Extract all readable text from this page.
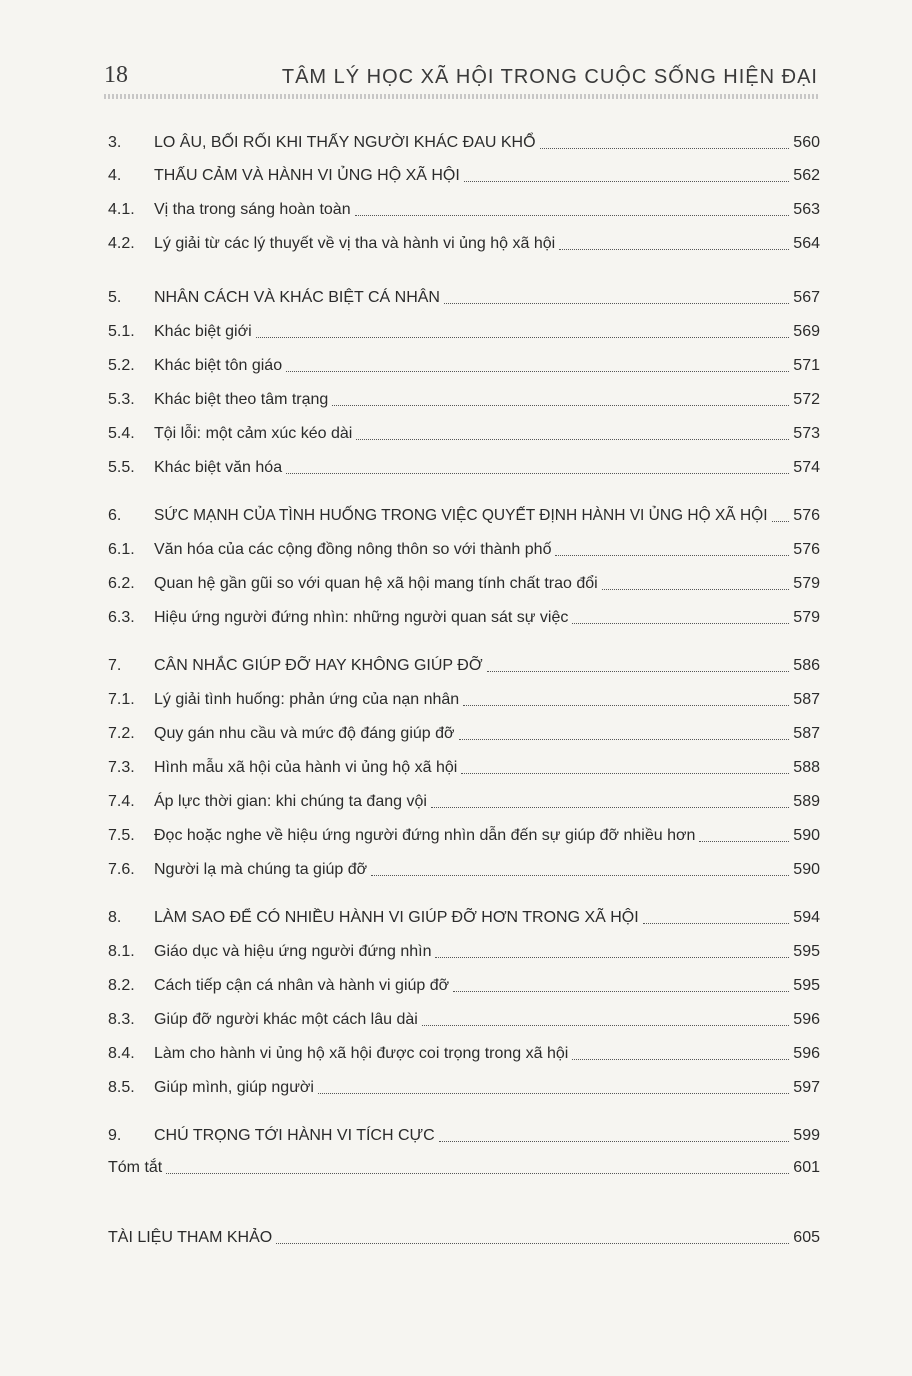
18	TÂM LÝ HỌC XÃ HỘI TRONG CUỘC SỐNG HIỆN ĐẠI
3.	LO ÂU, BỐI RỐI KHI THẤY NGƯỜI KHÁC ĐAU KHỔ	560
4.	THẤU CẢM VÀ HÀNH VI ỦNG HỘ XÃ HỘI	562
4.1.	Vị tha trong sáng hoàn toàn	563
4.2.	Lý giải từ các lý thuyết về vị tha và hành vi ủng hộ xã hội	564
5.	NHÂN CÁCH VÀ KHÁC BIỆT CÁ NHÂN	567
5.1.	Khác biệt giới	569
5.2.	Khác biệt tôn giáo	571
5.3.	Khác biệt theo tâm trạng	572
5.4.	Tội lỗi: một cảm xúc kéo dài	573
5.5.	Khác biệt văn hóa	574
6.	SỨC MẠNH CỦA TÌNH HUỐNG TRONG VIỆC QUYẾT ĐỊNH HÀNH VI ỦNG HỘ XÃ HỘI 576
6.1.	Văn hóa của các cộng đồng nông thôn so với thành phố	576
6.2.	Quan hệ gần gũi so với quan hệ xã hội mang tính chất trao đổi	579
6.3.	Hiệu ứng người đứng nhìn: những người quan sát sự việc	579
7.	CÂN NHẮC GIÚP ĐỠ HAY KHÔNG GIÚP ĐỠ	586
7.1.	Lý giải tình huống: phản ứng của nạn nhân	587
7.2.	Quy gán nhu cầu và mức độ đáng giúp đỡ	587
7.3.	Hình mẫu xã hội của hành vi ủng hộ xã hội	588
7.4.	Áp lực thời gian: khi chúng ta đang vội	589
7.5.	Đọc hoặc nghe về hiệu ứng người đứng nhìn dẫn đến sự giúp đỡ nhiều hơn	590
7.6.	Người lạ mà chúng ta giúp đỡ	590
8.	LÀM SAO ĐỂ CÓ NHIỀU HÀNH VI GIÚP ĐỠ HƠN TRONG XÃ HỘI	594
8.1.	Giáo dục và hiệu ứng người đứng nhìn	595
8.2.	Cách tiếp cận cá nhân và hành vi giúp đỡ	595
8.3.	Giúp đỡ người khác một cách lâu dài	596
8.4.	Làm cho hành vi ủng hộ xã hội được coi trọng trong xã hội	596
8.5.	Giúp mình, giúp người	597
9.	CHÚ TRỌNG TỚI HÀNH VI TÍCH CỰC	599
Tóm tắt	601
TÀI LIỆU THAM KHẢO	605
